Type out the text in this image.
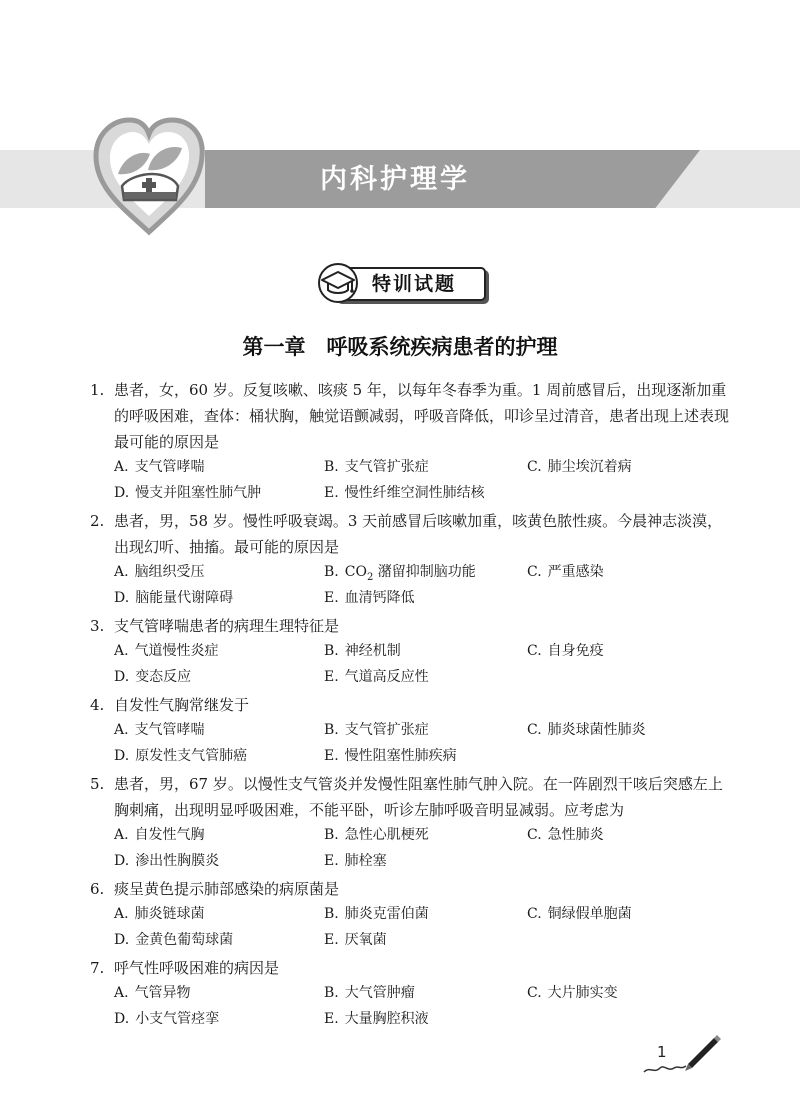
内科护理学
特训试题
第一章　呼吸系统疾病患者的护理
1. 患者，女，60 岁。反复咳嗽、咳痰 5 年，以每年冬春季为重。1 周前感冒后，出现逐渐加重的呼吸困难，查体：桶状胸，触觉语颤减弱，呼吸音降低，叩诊呈过清音，患者出现上述表现最可能的原因是
A. 支气管哮喘	B. 支气管扩张症	C. 肺尘埃沉着病
D. 慢支并阻塞性肺气肿	E. 慢性纤维空洞性肺结核
2. 患者，男，58 岁。慢性呼吸衰竭。3 天前感冒后咳嗽加重，咳黄色脓性痰。今晨神志淡漠，出现幻听、抽搐。最可能的原因是
A. 脑组织受压	B. $CO_2$ 潴留抑制脑功能	C. 严重感染
D. 脑能量代谢障碍	E. 血清钙降低
3. 支气管哮喘患者的病理生理特征是
A. 气道慢性炎症	B. 神经机制	C. 自身免疫
D. 变态反应	E. 气道高反应性
4. 自发性气胸常继发于
A. 支气管哮喘	B. 支气管扩张症	C. 肺炎球菌性肺炎
D. 原发性支气管肺癌	E. 慢性阻塞性肺疾病
5. 患者，男，67 岁。以慢性支气管炎并发慢性阻塞性肺气肿入院。在一阵剧烈干咳后突感左上胸刺痛，出现明显呼吸困难，不能平卧，听诊左肺呼吸音明显减弱。应考虑为
A. 自发性气胸	B. 急性心肌梗死	C. 急性肺炎
D. 渗出性胸膜炎	E. 肺栓塞
6. 痰呈黄色提示肺部感染的病原菌是
A. 肺炎链球菌	B. 肺炎克雷伯菌	C. 铜绿假单胞菌
D. 金黄色葡萄球菌	E. 厌氧菌
7. 呼气性呼吸困难的病因是
A. 气管异物	B. 大气管肿瘤	C. 大片肺实变
D. 小支气管痉挛	E. 大量胸腔积液
1
